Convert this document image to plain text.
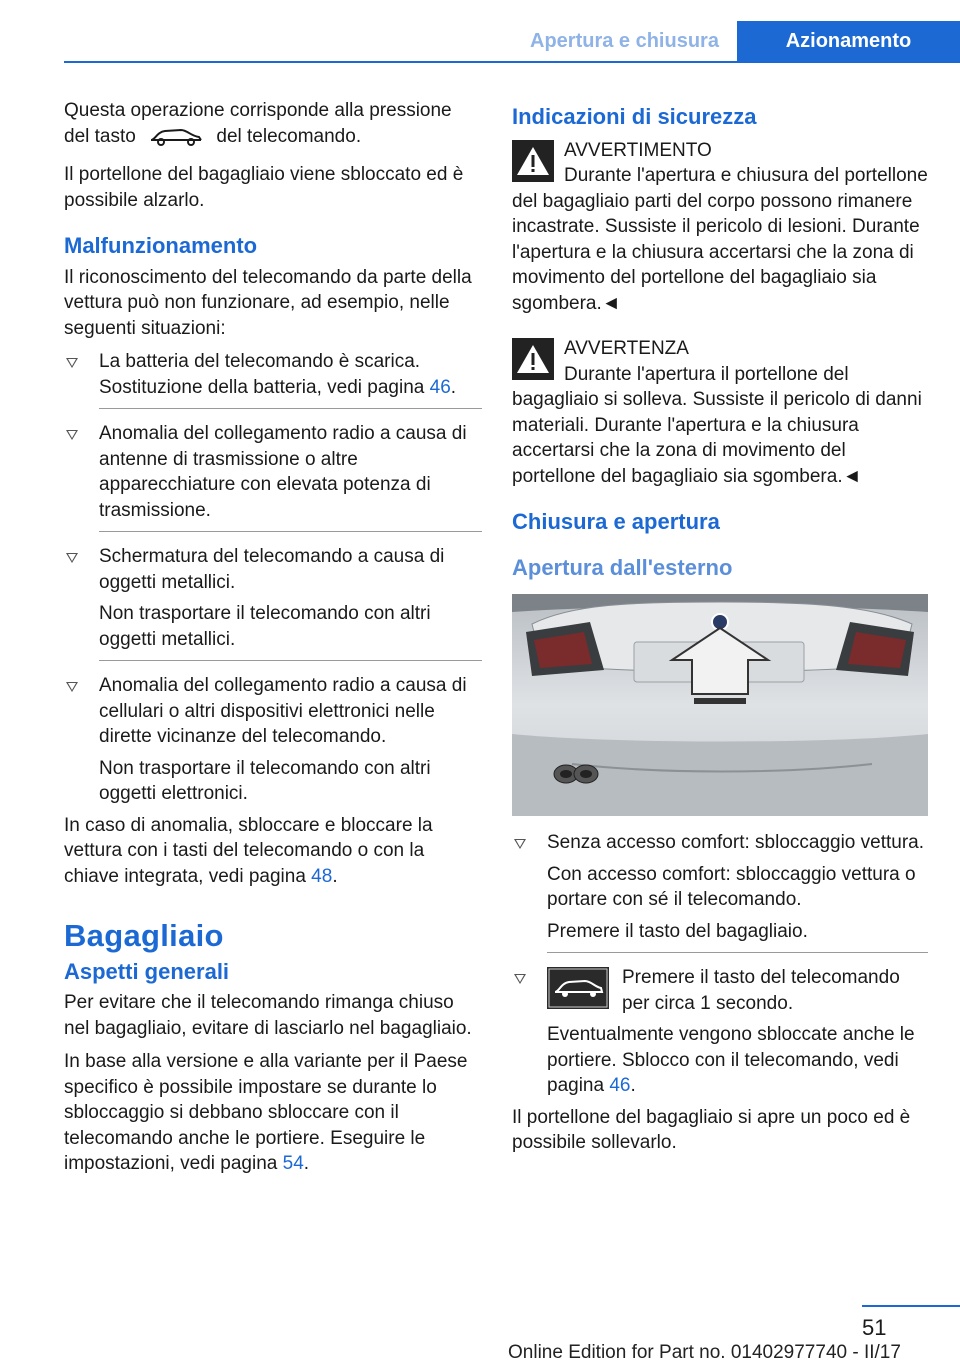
Apertura e chiusura	Azionamento

Questa operazione corrisponde alla pressione
del tasto	del telecomando.

Il portellone del bagagliaio viene sbloccato ed è possibile alzarlo.

Malfunzionamento

Il riconoscimento del telecomando da parte della vettura può non funzionare, ad esempio, nelle seguenti situazioni:

La batteria del telecomando è scarica. Sostituzione della batteria, vedi pagina 46.

Anomalia del collegamento radio a causa di antenne di trasmissione o altre apparecchiature con elevata potenza di trasmissione.

Schermatura del telecomando a causa di oggetti metallici.

Non trasportare il telecomando con altri oggetti metallici.

Anomalia del collegamento radio a causa di cellulari o altri dispositivi elettronici nelle dirette vicinanze del telecomando.

Non trasportare il telecomando con altri oggetti elettronici.

In caso di anomalia, sbloccare e bloccare la vettura con i tasti del telecomando o con la chiave integrata, vedi pagina 48.

Bagagliaio
Aspetti generali

Per evitare che il telecomando rimanga chiuso nel bagagliaio, evitare di lasciarlo nel bagagliaio.

In base alla versione e alla variante per il Paese specifico è possibile impostare se durante lo sbloccaggio si debbano sbloccare con il telecomando anche le portiere. Eseguire le impostazioni, vedi pagina 54.

Indicazioni di sicurezza
AVVERTIMENTO
Durante l'apertura e chiusura del portellone del bagagliaio parti del corpo possono rimanere incastrate. Sussiste il pericolo di lesioni. Durante l'apertura e la chiusura accertarsi che la zona di movimento del portellone del bagagliaio sia sgombera.◄
AVVERTENZA
Durante l'apertura il portellone del bagagliaio si solleva. Sussiste il pericolo di danni materiali. Durante l'apertura e la chiusura accertarsi che la zona di movimento del portellone del bagagliaio sia sgombera.◄
Chiusura e apertura
Apertura dall'esterno

Senza accesso comfort: sbloccaggio vettura.

Con accesso comfort: sbloccaggio vettura o portare con sé il telecomando.

Premere il tasto del bagagliaio.

Premere il tasto del telecomando per circa 1 secondo.

Eventualmente vengono sbloccate anche le portiere. Sblocco con il telecomando, vedi pagina 46.

Il portellone del bagagliaio si apre un poco ed è possibile sollevarlo.

51
Online Edition for Part no. 01402977740 - II/17
